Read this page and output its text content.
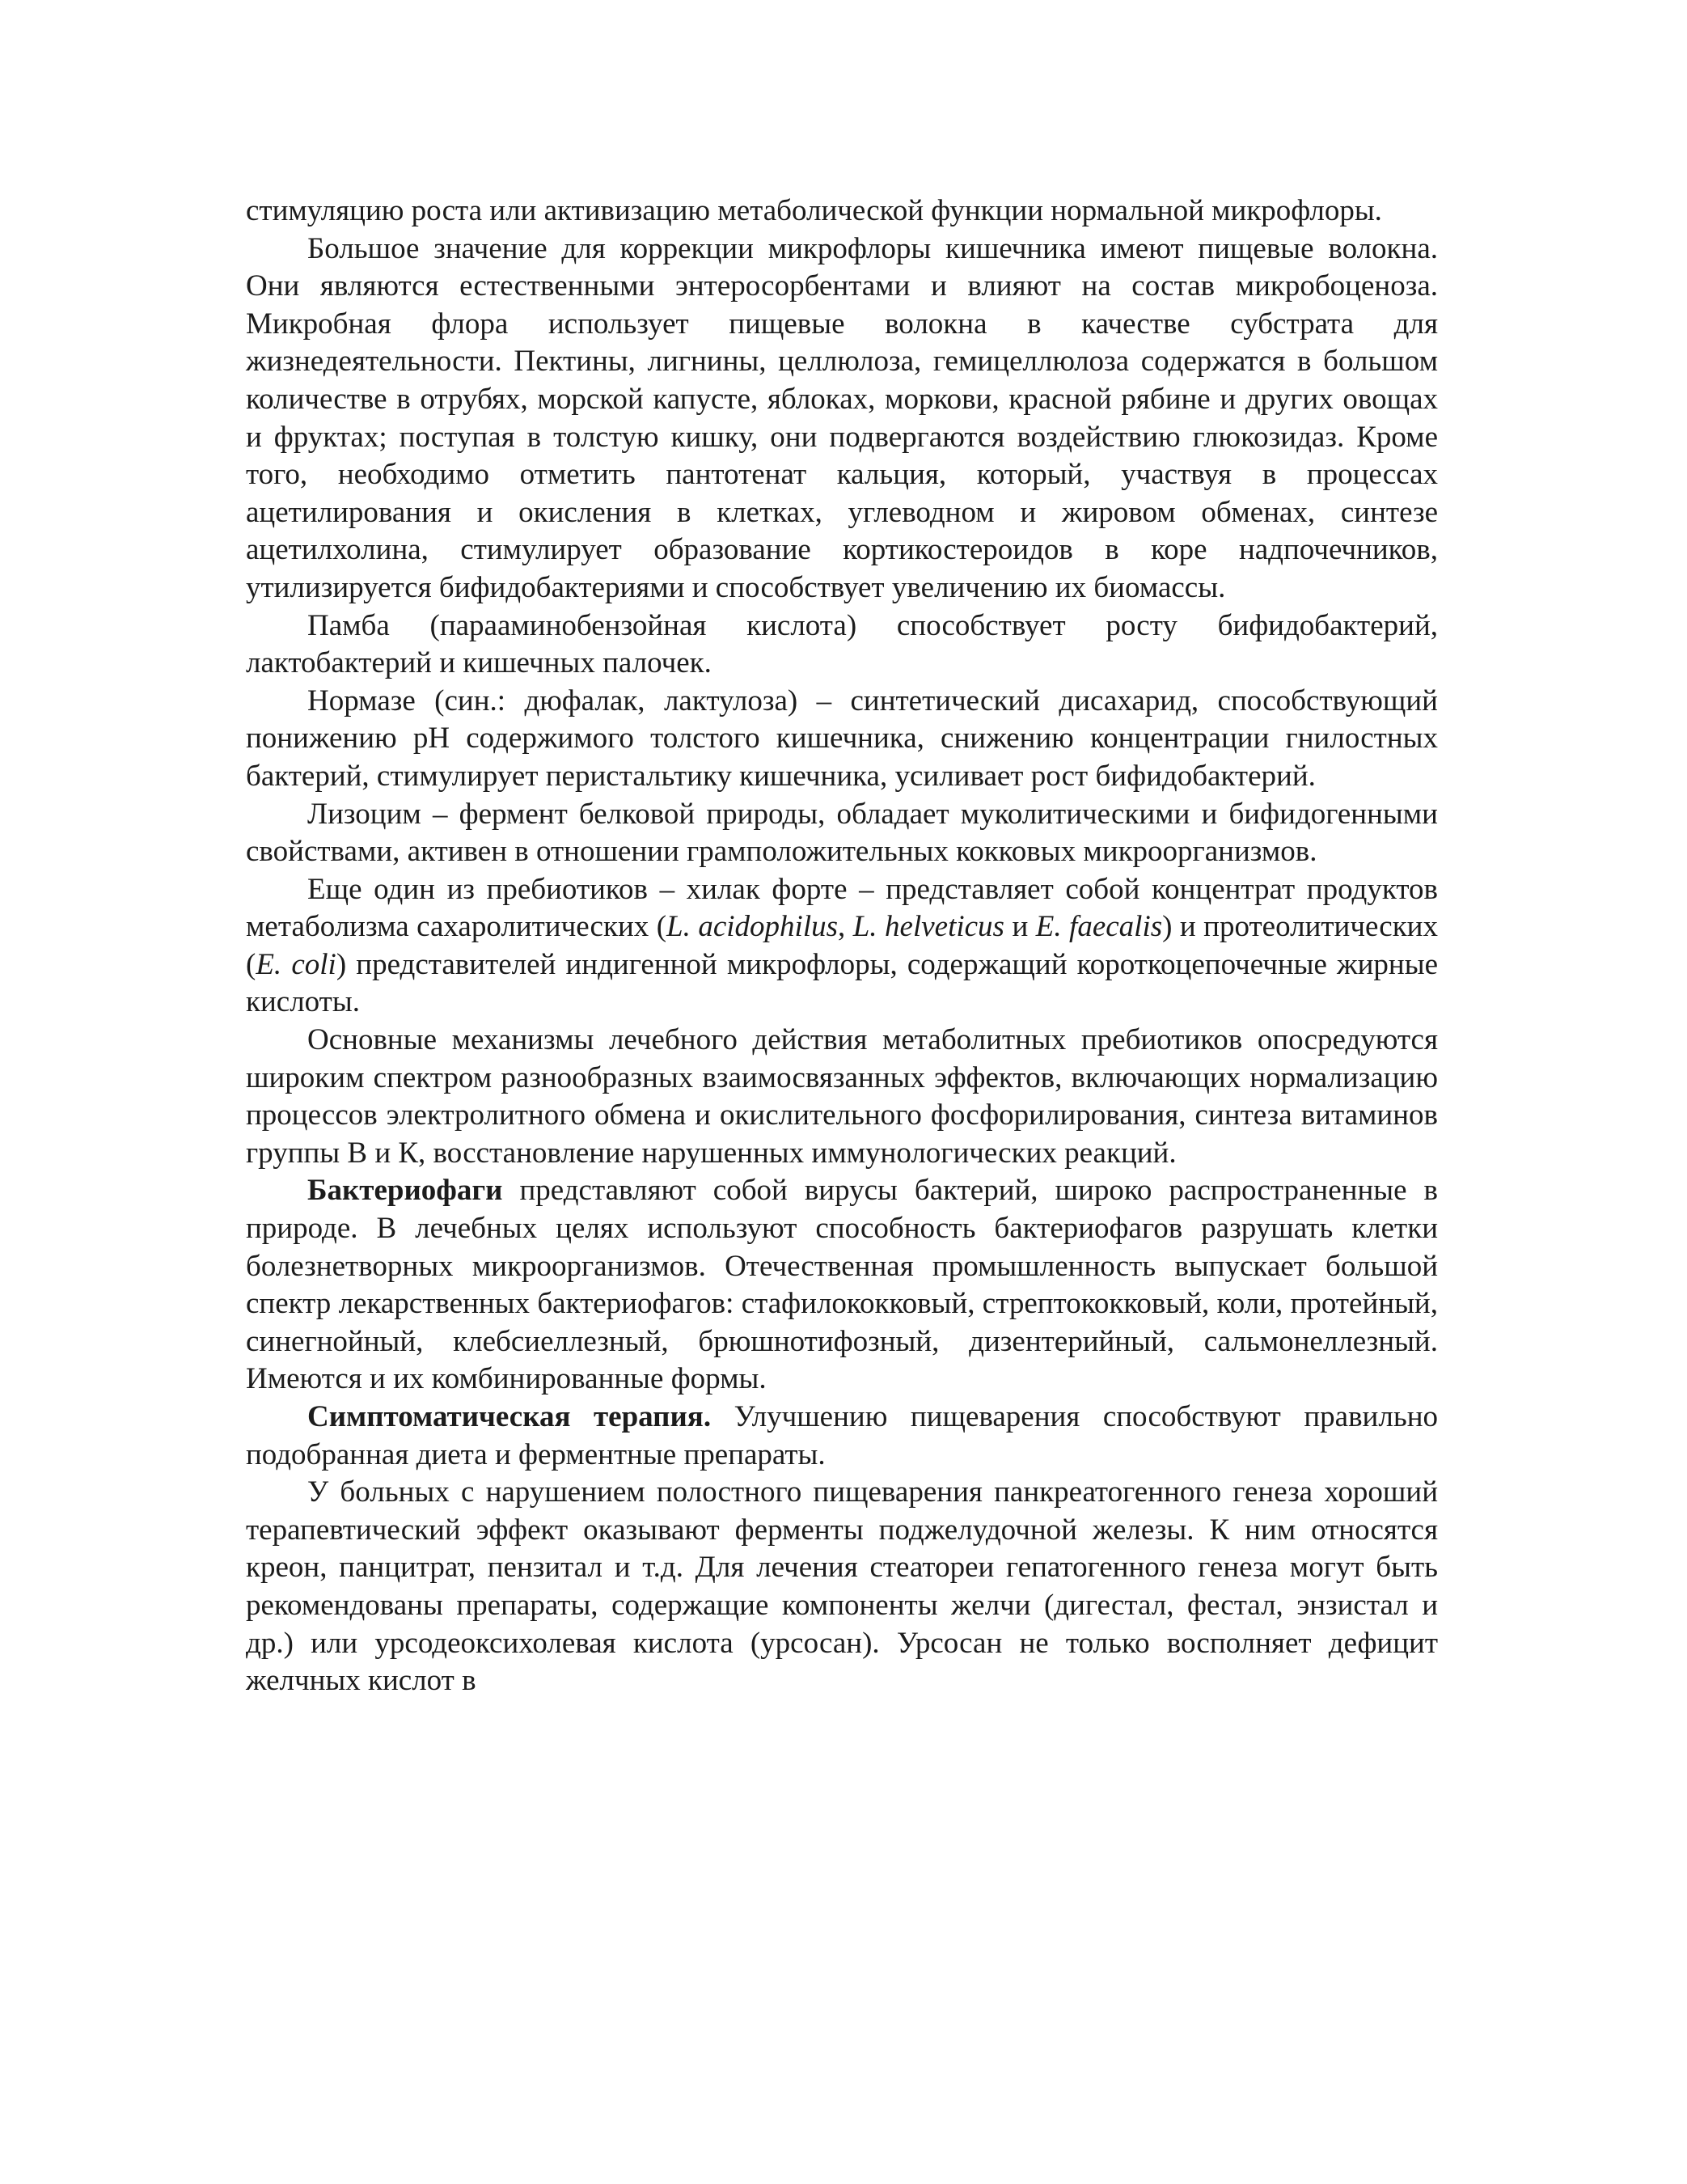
стимуляцию роста или активизацию метаболической функции нормальной микрофлоры.

Большое значение для коррекции микрофлоры кишечника имеют пищевые волокна. Они являются естественными энтеросорбентами и влияют на состав микробоценоза. Микробная флора использует пищевые волокна в качестве субстрата для жизнедеятельности. Пектины, лигнины, целлюлоза, гемицеллюлоза содержатся в большом количестве в отрубях, морской капусте, яблоках, моркови, красной рябине и других овощах и фруктах; поступая в толстую кишку, они подвергаются воздействию глюкозидаз. Кроме того, необходимо отметить пантотенат кальция, который, участвуя в процессах ацетилирования и окисления в клетках, углеводном и жировом обменах, синтезе ацетилхолина, стимулирует образование кортикостероидов в коре надпочечников, утилизируется бифидобактериями и способствует увеличению их биомассы.

Памба (парааминобензойная кислота) способствует росту бифидобактерий, лактобактерий и кишечных палочек.

Нормазе (син.: дюфалак, лактулоза) – синтетический дисахарид, способствующий понижению рН содержимого толстого кишечника, снижению концентрации гнилостных бактерий, стимулирует перистальтику кишечника, усиливает рост бифидобактерий.

Лизоцим – фермент белковой природы, обладает муколитическими и бифидогенными свойствами, активен в отношении грамположительных кокковых микроорганизмов.

Еще один из пребиотиков – хилак форте – представляет собой концентрат продуктов метаболизма сахаролитических (L. acidophilus, L. helveticus и E. faecalis) и протеолитических (E. coli) представителей индигенной микрофлоры, содержащий короткоцепочечные жирные кислоты.

Основные механизмы лечебного действия метаболитных пребиотиков опосредуются широким спектром разнообразных взаимосвязанных эффектов, включающих нормализацию процессов электролитного обмена и окислительного фосфорилирования, синтеза витаминов группы В и К, восстановление нарушенных иммунологических реакций.

Бактериофаги представляют собой вирусы бактерий, широко распространенные в природе. В лечебных целях используют способность бактериофагов разрушать клетки болезнетворных микроорганизмов. Отечественная промышленность выпускает большой спектр лекарственных бактериофагов: стафилококковый, стрептококковый, коли, протейный, синегнойный, клебсиеллезный, брюшнотифозный, дизентерийный, сальмонеллезный. Имеются и их комбинированные формы.

Симптоматическая терапия. Улучшению пищеварения способствуют правильно подобранная диета и ферментные препараты.

У больных с нарушением полостного пищеварения панкреатогенного генеза хороший терапевтический эффект оказывают ферменты поджелудочной железы. К ним относятся креон, панцитрат, пензитал и т.д. Для лечения стеатореи гепатогенного генеза могут быть рекомендованы препараты, содержащие компоненты желчи (дигестал, фестал, энзистал и др.) или урсодеоксихолевая кислота (урсосан). Урсосан не только восполняет дефицит желчных кислот в
